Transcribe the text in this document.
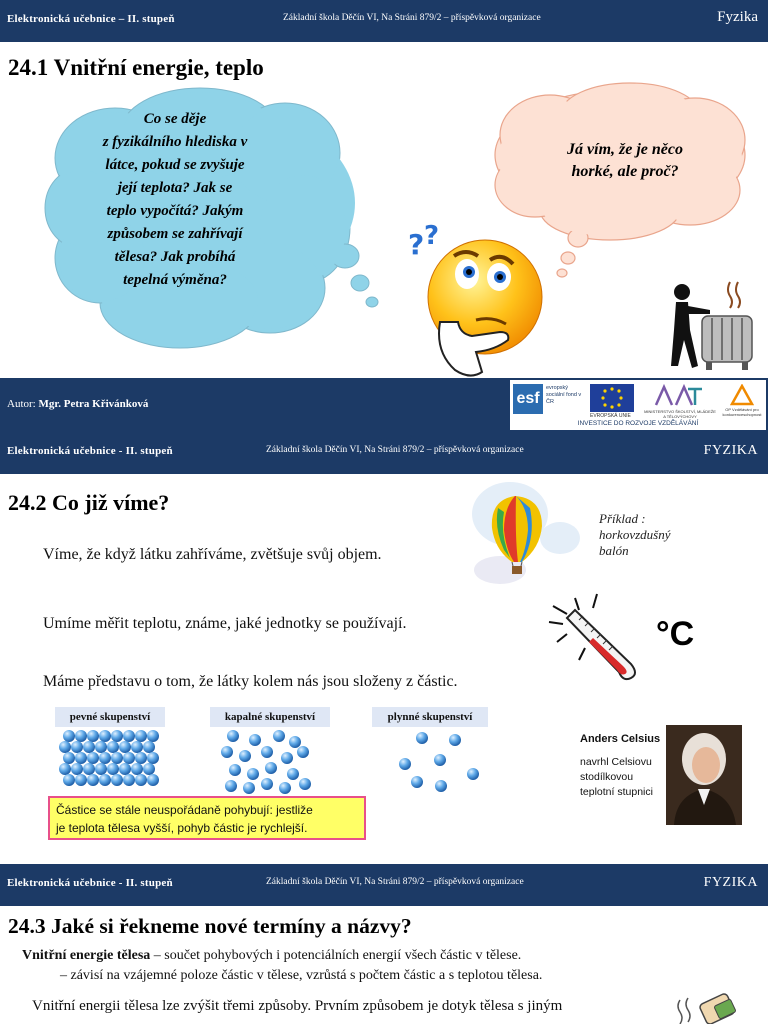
Elektronická učebnice – II. stupeň	Základní škola Děčín VI, Na Stráni 879/2 – příspěvková organizace	Fyzika
24.1 Vnitřní energie, teplo
Co se děje
z fyzikálního hlediska v
látce, pokud se zvyšuje
její teplota? Jak se
teplo vypočítá? Jakým
způsobem se zahřívají
tělesa? Jak probíhá
tepelná výměna?
Já vím, že je něco
horké, ale proč?
? ?
Autor: Mgr. Petra Křivánková	esf
evropský sociální fond v ČR
EVROPSKÁ UNIE
MINISTERSTVO ŠKOLSTVÍ, MLÁDEŽE A TĚLOVÝCHOVY
OP Vzdělávání pro konkurenceschopnost
INVESTICE DO ROZVOJE VZDĚLÁVÁNÍ
Elektronická učebnice - II. stupeň	Základní škola Děčín VI, Na Stráni 879/2 – příspěvková organizace	FYZIKA
24.2 Co již víme?
Příklad :
horkovzdušný
balón
Víme, že když látku zahříváme, zvětšuje svůj objem.
Umíme měřit teplotu, známe, jaké jednotky se používají.
Máme představu o tom, že látky kolem nás jsou složeny z částic.
°C
pevné skupenství	kapalné skupenství	plynné skupenství
Částice se stále neuspořádaně pohybují: jestliže
je teplota tělesa vyšší, pohyb částic je rychlejší.
Anders Celsius
navrhl Celsiovu
stodílkovou
teplotní stupnici
Elektronická učebnice - II. stupeň	Základní škola Děčín VI, Na Stráni 879/2 – příspěvková organizace	FYZIKA
24.3 Jaké si řekneme nové termíny a názvy?
Vnitřní energie tělesa – součet pohybových i potenciálních energií všech částic v tělese.
– závisí na vzájemné poloze částic v tělese, vzrůstá s počtem částic a s teplotou tělesa.
Vnitřní energii tělesa lze zvýšit třemi způsoby. Prvním způsobem je dotyk tělesa s jiným
